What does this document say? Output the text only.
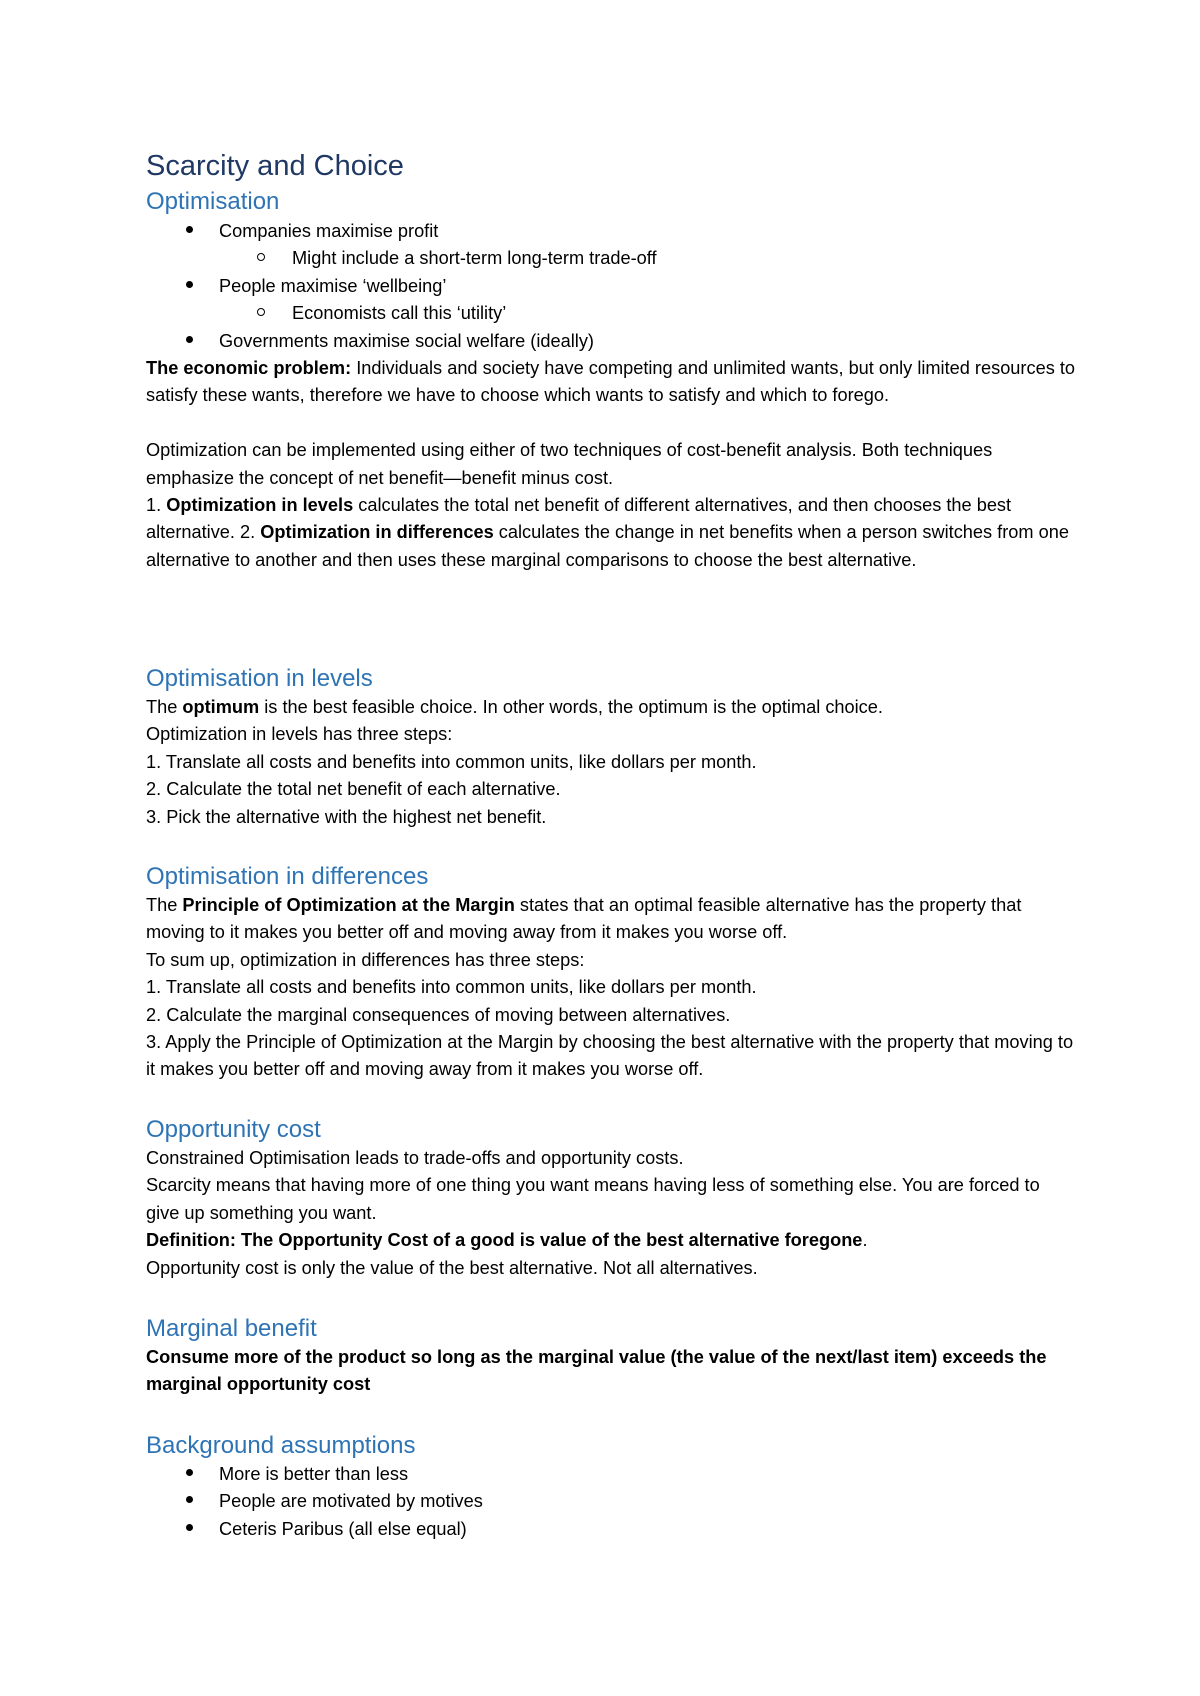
Scarcity and Choice
Optimisation
Companies maximise profit
Might include a short-term long-term trade-off
People maximise ‘wellbeing’
Economists call this ‘utility’
Governments maximise social welfare (ideally)

The economic problem: Individuals and society have competing and unlimited wants, but only limited resources to satisfy these wants, therefore we have to choose which wants to satisfy and which to forego.

Optimization can be implemented using either of two techniques of cost-benefit analysis. Both techniques emphasize the concept of net benefit—benefit minus cost.

1. Optimization in levels calculates the total net benefit of different alternatives, and then chooses the best alternative. 2. Optimization in differences calculates the change in net benefits when a person switches from one alternative to another and then uses these marginal comparisons to choose the best alternative.

Optimisation in levels

The optimum is the best feasible choice. In other words, the optimum is the optimal choice.

Optimization in levels has three steps:

1. Translate all costs and benefits into common units, like dollars per month.

2. Calculate the total net benefit of each alternative.

3. Pick the alternative with the highest net benefit.

Optimisation in differences

The Principle of Optimization at the Margin states that an optimal feasible alternative has the property that moving to it makes you better off and moving away from it makes you worse off.

To sum up, optimization in differences has three steps:

1. Translate all costs and benefits into common units, like dollars per month.

2. Calculate the marginal consequences of moving between alternatives.

3. Apply the Principle of Optimization at the Margin by choosing the best alternative with the property that moving to it makes you better off and moving away from it makes you worse off.

Opportunity cost

Constrained Optimisation leads to trade-offs and opportunity costs.

Scarcity means that having more of one thing you want means having less of something else. You are forced to give up something you want.

Definition: The Opportunity Cost of a good is value of the best alternative foregone.

Opportunity cost is only the value of the best alternative. Not all alternatives.

Marginal benefit

Consume more of the product so long as the marginal value (the value of the next/last item) exceeds the marginal opportunity cost

Background assumptions
More is better than less
People are motivated by motives
Ceteris Paribus (all else equal)
